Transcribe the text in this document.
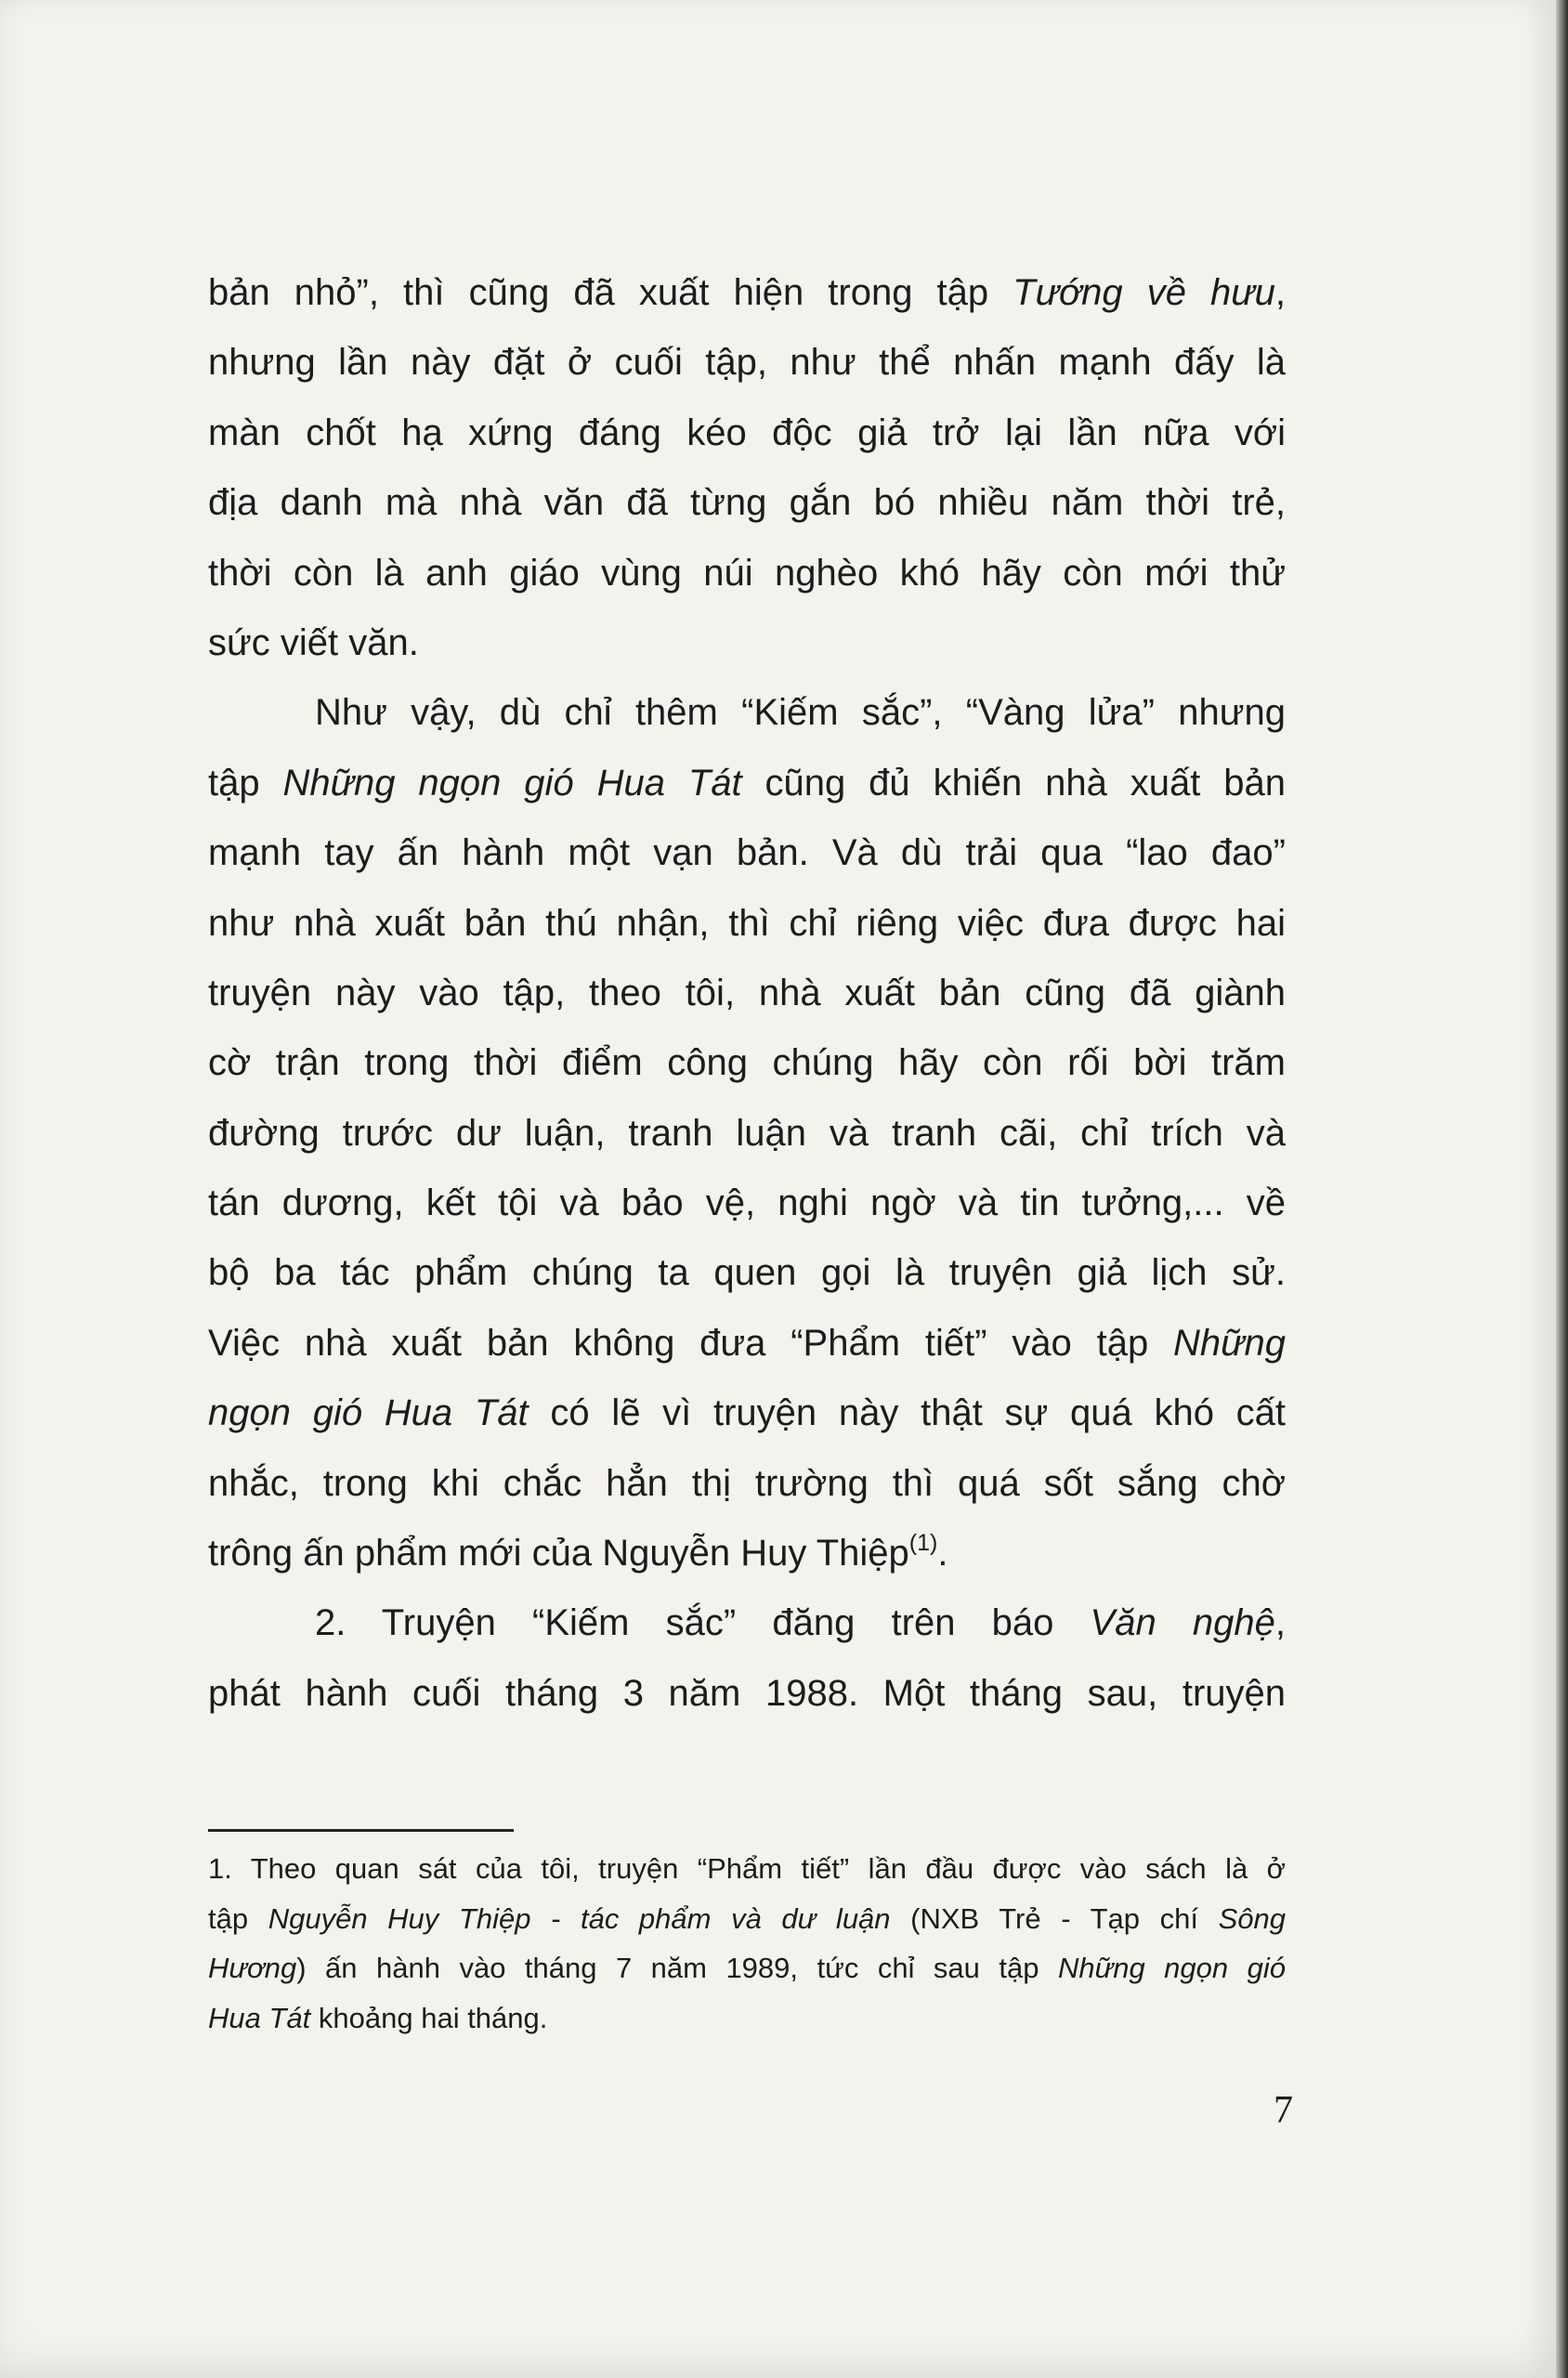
bản nhỏ”, thì cũng đã xuất hiện trong tập Tướng về hưu,
nhưng lần này đặt ở cuối tập, như thể nhấn mạnh đấy là
màn chốt hạ xứng đáng kéo độc giả trở lại lần nữa với
địa danh mà nhà văn đã từng gắn bó nhiều năm thời trẻ,
thời còn là anh giáo vùng núi nghèo khó hãy còn mới thử
sức viết văn.
Như vậy, dù chỉ thêm “Kiếm sắc”, “Vàng lửa” nhưng
tập Những ngọn gió Hua Tát cũng đủ khiến nhà xuất bản
mạnh tay ấn hành một vạn bản. Và dù trải qua “lao đao”
như nhà xuất bản thú nhận, thì chỉ riêng việc đưa được hai
truyện này vào tập, theo tôi, nhà xuất bản cũng đã giành
cờ trận trong thời điểm công chúng hãy còn rối bời trăm
đường trước dư luận, tranh luận và tranh cãi, chỉ trích và
tán dương, kết tội và bảo vệ, nghi ngờ và tin tưởng,... về
bộ ba tác phẩm chúng ta quen gọi là truyện giả lịch sử.
Việc nhà xuất bản không đưa “Phẩm tiết” vào tập Những
ngọn gió Hua Tát có lẽ vì truyện này thật sự quá khó cất
nhắc, trong khi chắc hẳn thị trường thì quá sốt sắng chờ
trông ấn phẩm mới của Nguyễn Huy Thiệp$^{(1)}$.
2. Truyện “Kiếm sắc” đăng trên báo Văn nghệ,
phát hành cuối tháng 3 năm 1988. Một tháng sau, truyện
1. Theo quan sát của tôi, truyện “Phẩm tiết” lần đầu được vào sách là ở
tập Nguyễn Huy Thiệp - tác phẩm và dư luận (NXB Trẻ - Tạp chí Sông
Hương) ấn hành vào tháng 7 năm 1989, tức chỉ sau tập Những ngọn gió
Hua Tát khoảng hai tháng.
7
